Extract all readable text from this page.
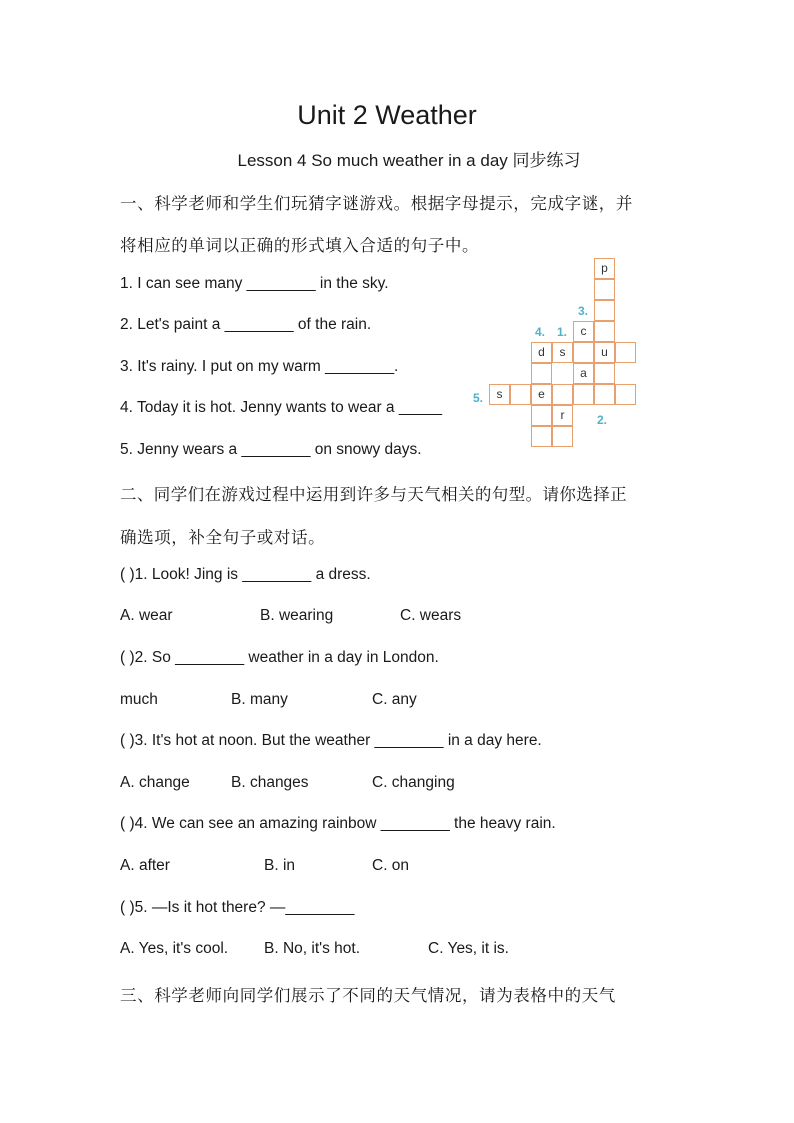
Unit 2 Weather
Lesson 4 So much weather in a day 同步练习
一、科学老师和学生们玩猜字谜游戏。根据字母提示，完成字谜，并
将相应的单词以正确的形式填入合适的句子中。
1. I can see many ________ in the sky.
2. Let's paint a ________ of the rain.
3. It's rainy. I put on my warm ________.
4. Today it is hot. Jenny wants to wear a _____
5. Jenny wears a ________ on snowy days.
p
c
d	s	u
a
s	e
r
1.
2.
3.
4.
5.
二、同学们在游戏过程中运用到许多与天气相关的句型。请你选择正
确选项，补全句子或对话。
( )1. Look! Jing is ________ a dress.
A. wear	B. wearing	C. wears
( )2. So ________ weather in a day in London.
much	B. many	C. any
( )3. It's hot at noon. But the weather ________ in a day here.
A. change	B. changes	C. changing
( )4. We can see an amazing rainbow ________ the heavy rain.
A. after	B. in	C. on
( )5. —Is it hot there? —________
A. Yes, it's cool. B. No, it's hot.	C. Yes, it is.
三、科学老师向同学们展示了不同的天气情况，请为表格中的天气
